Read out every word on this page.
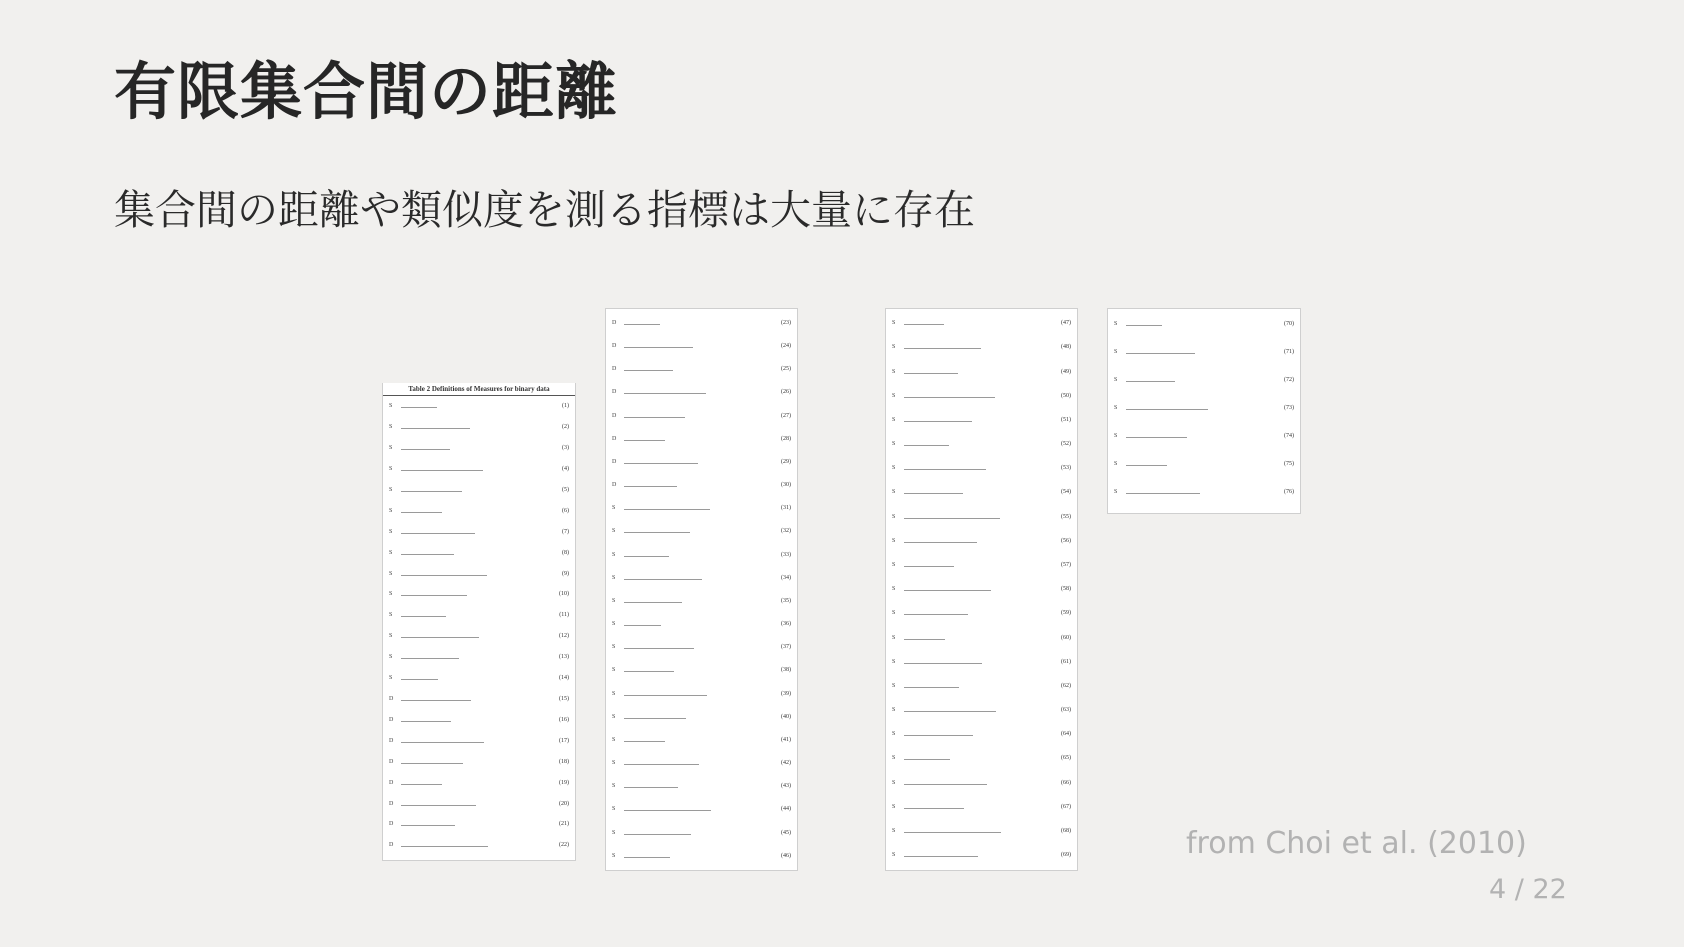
有限集合間の距離
集合間の距離や類似度を測る指標は大量に存在
Table 2 Definitions of Measures for binary data
S	(1)
S	(2)
S	(3)
S	(4)
S	(5)
S	(6)
S	(7)
S	(8)
S	(9)
S	(10)
S	(11)
S	(12)
S	(13)
S	(14)
D	(15)
D	(16)
D	(17)
D	(18)
D	(19)
D	(20)
D	(21)
D	(22)
D	(23)
D	(24)
D	(25)
D	(26)
D	(27)
D	(28)
D	(29)
D	(30)
S	(31)
S	(32)
S	(33)
S	(34)
S	(35)
S	(36)
S	(37)
S	(38)
S	(39)
S	(40)
S	(41)
S	(42)
S	(43)
S	(44)
S	(45)
S	(46)
S	(47)
S	(48)
S	(49)
S	(50)
S	(51)
S	(52)
S	(53)
S	(54)
S	(55)
S	(56)
S	(57)
S	(58)
S	(59)
S	(60)
S	(61)
S	(62)
S	(63)
S	(64)
S	(65)
S	(66)
S	(67)
S	(68)
S	(69)
S	(70)
S	(71)
S	(72)
S	(73)
S	(74)
S	(75)
S	(76)
from Choi et al. (2010)
4 / 22
